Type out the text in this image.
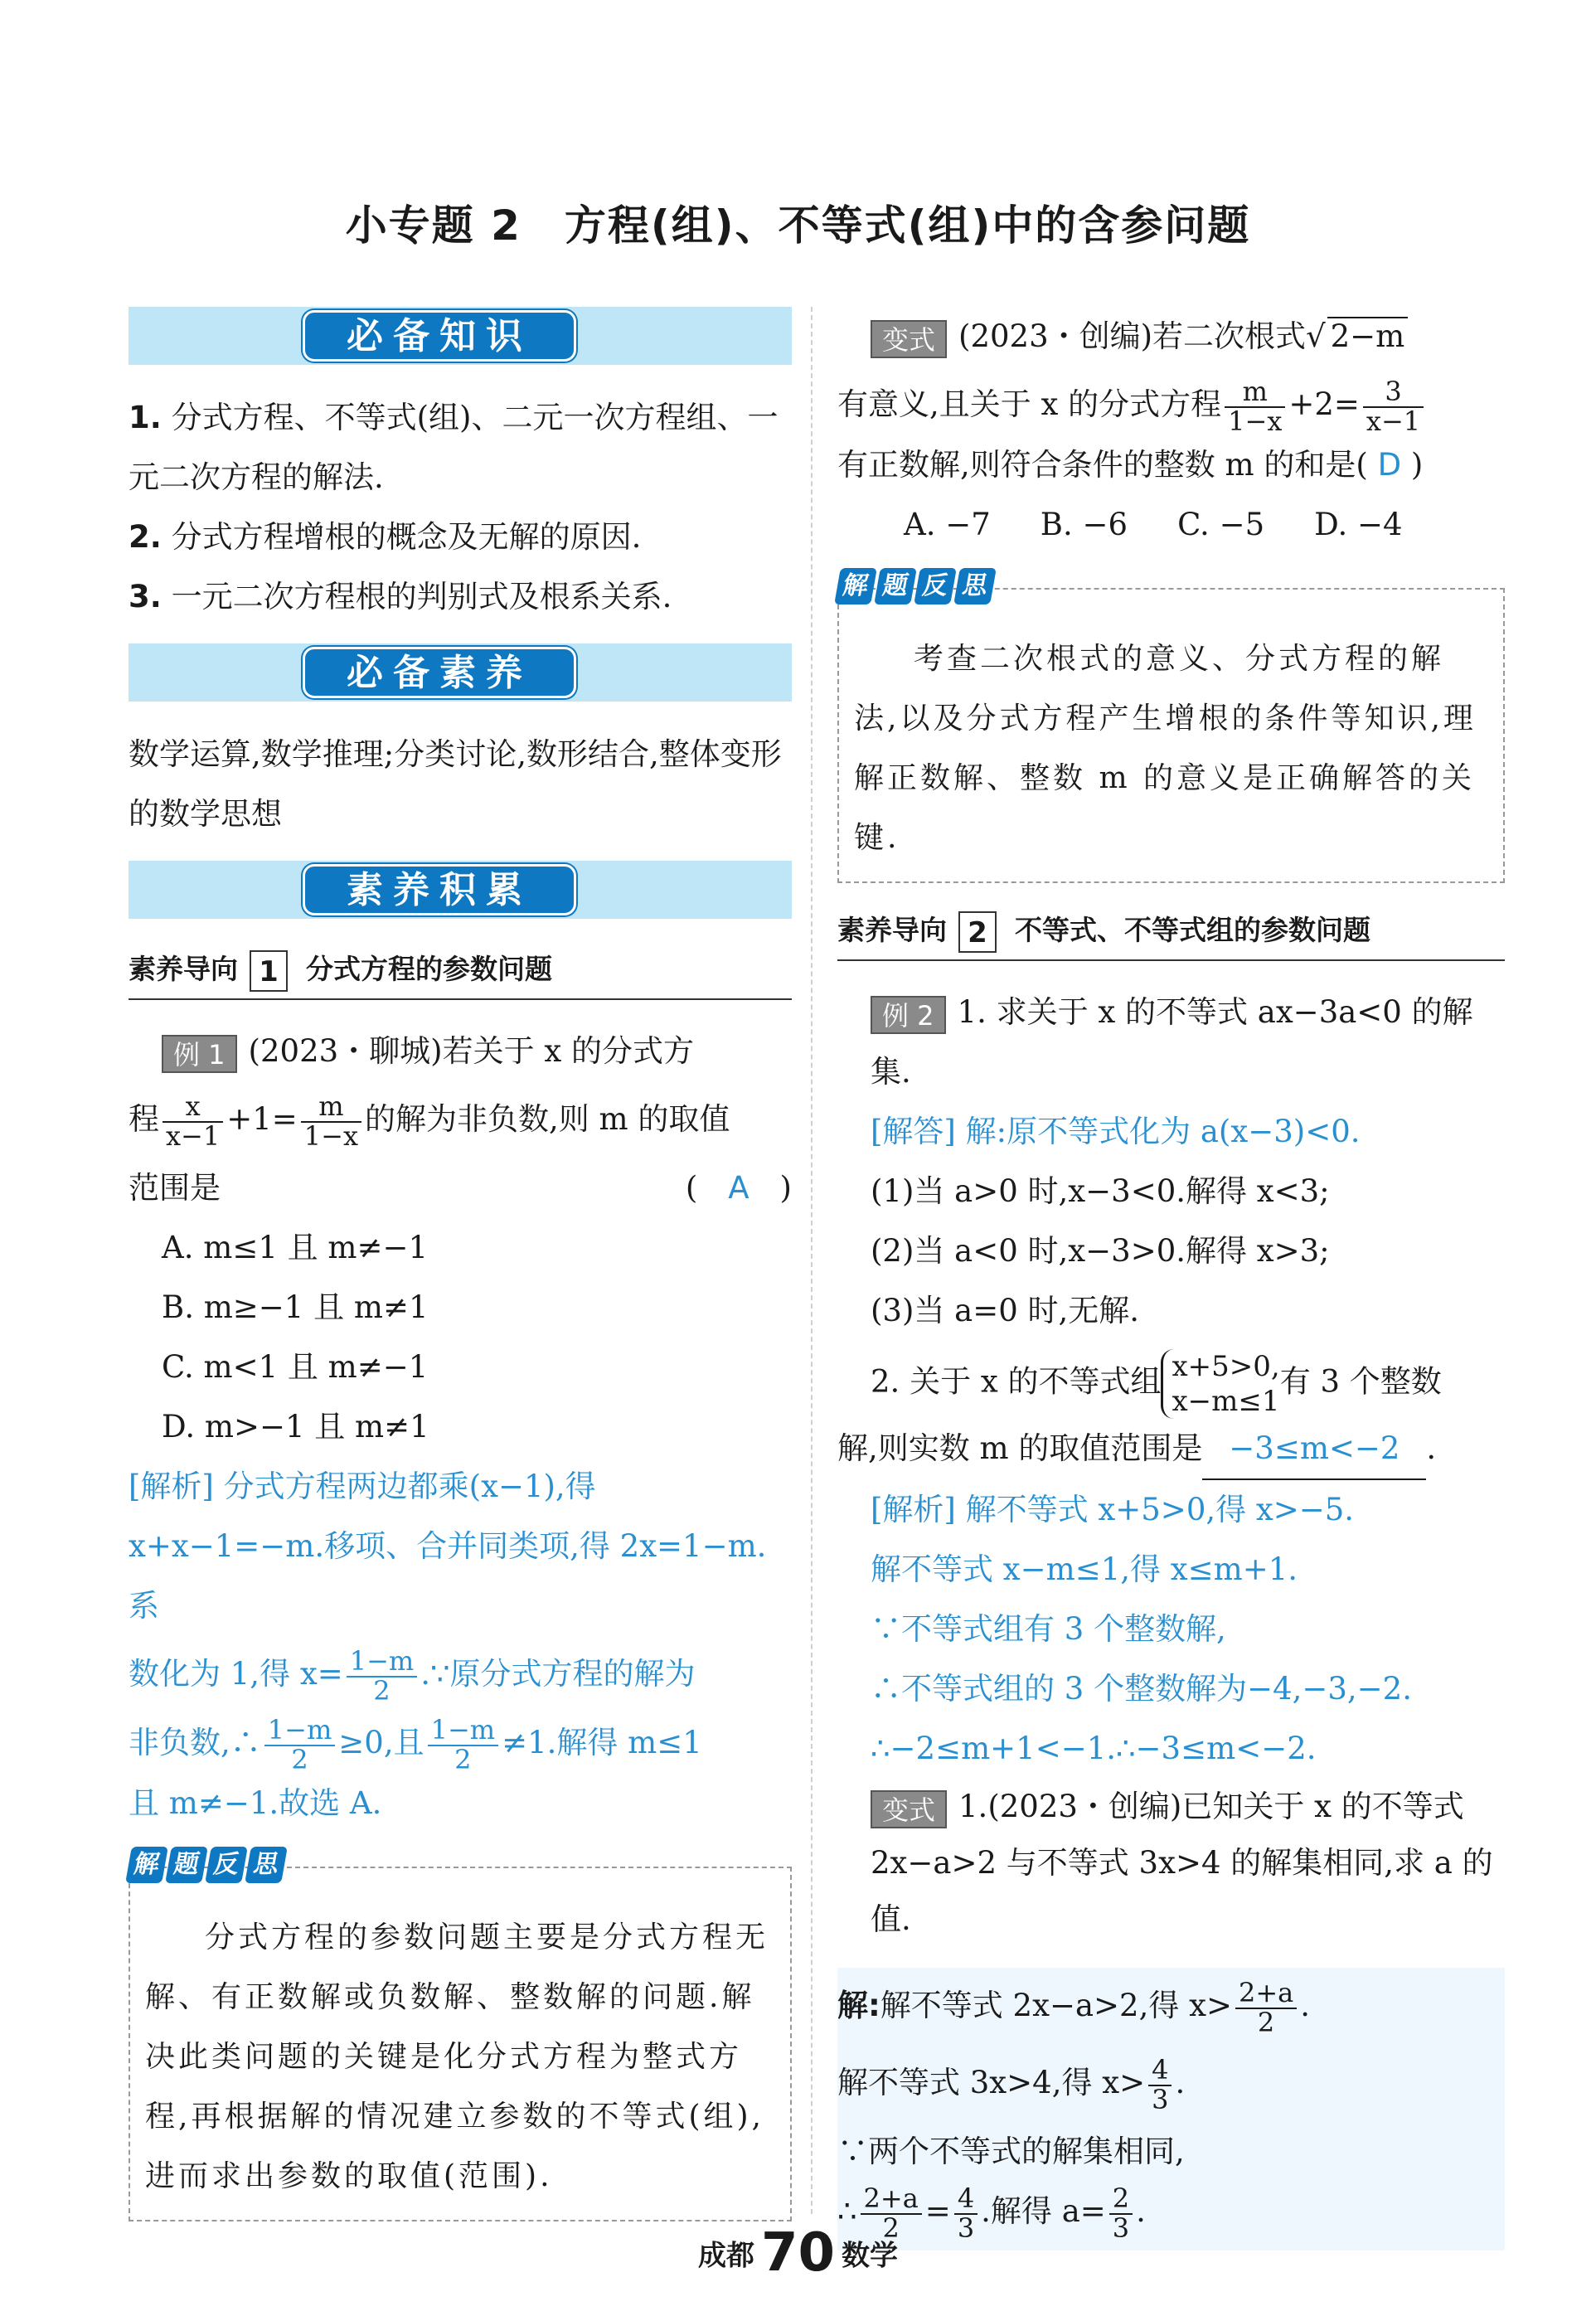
小专题 2　方程(组)、不等式(组)中的含参问题
必备知识
1. 分式方程、不等式(组)、二元一次方程组、一元二次方程的解法.
2. 分式方程增根的概念及无解的原因.
3. 一元二次方程根的判别式及根系关系.
必备素养
数学运算,数学推理;分类讨论,数形结合,整体变形的数学思想
素养积累
素养导向 1 分式方程的参数问题
例 1 (2023・聊城)若关于 x 的分式方
程 $\frac{x}{x-1} +1= \frac{m}{1-x}$ 的解为非负数,则 m 的取值
范围是	(　A　)
A. m≤1 且 m≠−1
B. m≥−1 且 m≠1
C. m<1 且 m≠−1
D. m>−1 且 m≠1
[解析] 分式方程两边都乘(x−1),得 x+x−1=−m.移项、合并同类项,得 2x=1−m.系
数化为 1,得 $x= \frac{1-m}{2}$ .∵原分式方程的解为
非负数,∴ $\frac{1-m}{2} \ge 0$,且 $\frac{1-m}{2} \ne 1$.解得 m≤1
且 m≠−1.故选 A.
解 题 反 思
分式方程的参数问题主要是分式方程无解、有正数解或负数解、整数解的问题.解决此类问题的关键是化分式方程为整式方程,再根据解的情况建立参数的不等式(组),进而求出参数的取值(范围).
变式 (2023・创编)若二次根式√ 2−m
有意义,且关于 x 的分式方程 $\frac{m}{1-x} +2= \frac{3}{x-1}$
有正数解,则符合条件的整数 m 的和是( D )
A. −7 B. −6 C. −5 D. −4
解 题 反 思
考查二次根式的意义、分式方程的解法,以及分式方程产生增根的条件等知识,理解正数解、整数 m 的意义是正确解答的关键.
素养导向 2 不等式、不等式组的参数问题
例 2 1. 求关于 x 的不等式 ax−3a<0 的解集.
[解答] 解:原不等式化为 a(x−3)<0.
(1)当 a>0 时,x−3<0.解得 x<3;
(2)当 a<0 时,x−3>0.解得 x>3;
(3)当 a=0 时,无解.
2. 关于 x 的不等式组 x+5>0,
x−m≤1有 3 个整数
解,则实数 m 的取值范围是 −3≤m<−2 .
[解析] 解不等式 x+5>0,得 x>−5.
解不等式 x−m≤1,得 x≤m+1.
∵不等式组有 3 个整数解,
∴不等式组的 3 个整数解为−4,−3,−2.
∴−2≤m+1<−1.∴−3≤m<−2.
变式 1.(2023・创编)已知关于 x 的不等式 2x−a>2 与不等式 3x>4 的解集相同,求 a 的值.
解:解不等式 2x−a>2,得 $x> \frac{2+a}{2}$ .
解不等式 3x>4,得 $x> \frac{4}{3}$ .
∵两个不等式的解集相同,
∴ $\frac{2+a}{2} = \frac{4}{3}$ .解得 $a= \frac{2}{3}$ .
成都 70 数学
